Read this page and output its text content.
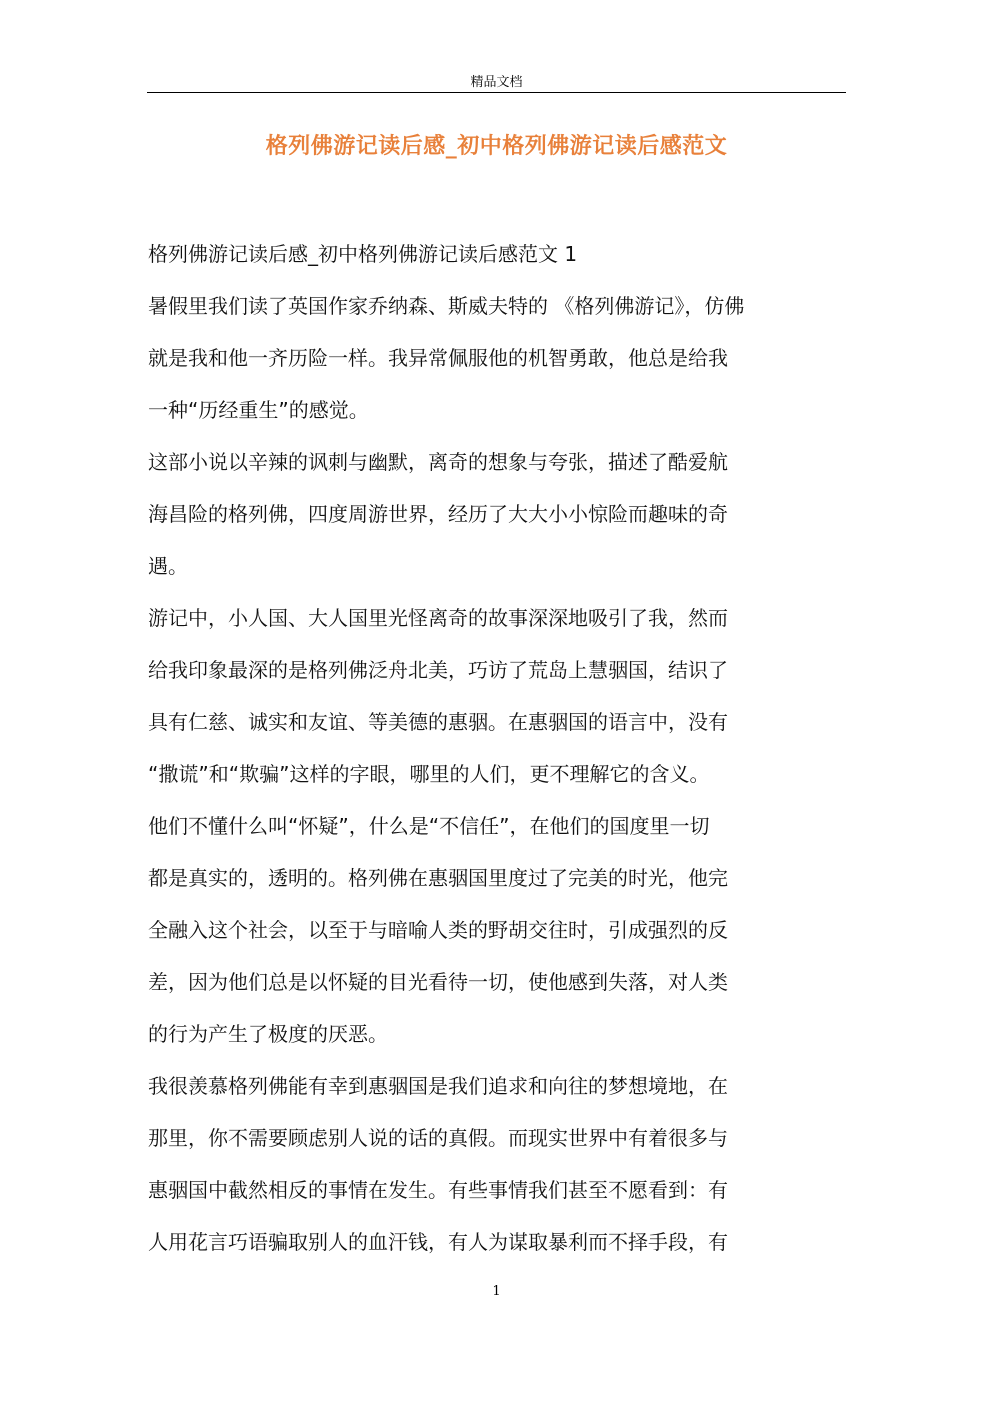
精品文档
格列佛游记读后感_初中格列佛游记读后感范文
格列佛游记读后感_初中格列佛游记读后感范文 1
暑假里我们读了英国作家乔纳森、斯威夫特的 《格列佛游记》，仿佛
就是我和他一齐历险一样。我异常佩服他的机智勇敢，他总是给我
一种“历经重生”的感觉。
这部小说以辛辣的讽刺与幽默，离奇的想象与夸张，描述了酷爱航
海昌险的格列佛，四度周游世界，经历了大大小小惊险而趣味的奇
遇。
游记中，小人国、大人国里光怪离奇的故事深深地吸引了我，然而
给我印象最深的是格列佛泛舟北美，巧访了荒岛上慧骃国，结识了
具有仁慈、诚实和友谊、等美德的惠骃。在惠骃国的语言中，没有
“撒谎”和“欺骗”这样的字眼，哪里的人们，更不理解它的含义。
他们不懂什么叫“怀疑”，什么是“不信任”，在他们的国度里一切
都是真实的，透明的。格列佛在惠骃国里度过了完美的时光，他完
全融入这个社会，以至于与暗喻人类的野胡交往时，引成强烈的反
差，因为他们总是以怀疑的目光看待一切，使他感到失落，对人类
的行为产生了极度的厌恶。
我很羡慕格列佛能有幸到惠骃国是我们追求和向往的梦想境地，在
那里，你不需要顾虑别人说的话的真假。而现实世界中有着很多与
惠骃国中截然相反的事情在发生。有些事情我们甚至不愿看到：有
人用花言巧语骗取别人的血汗钱，有人为谋取暴利而不择手段，有
1
